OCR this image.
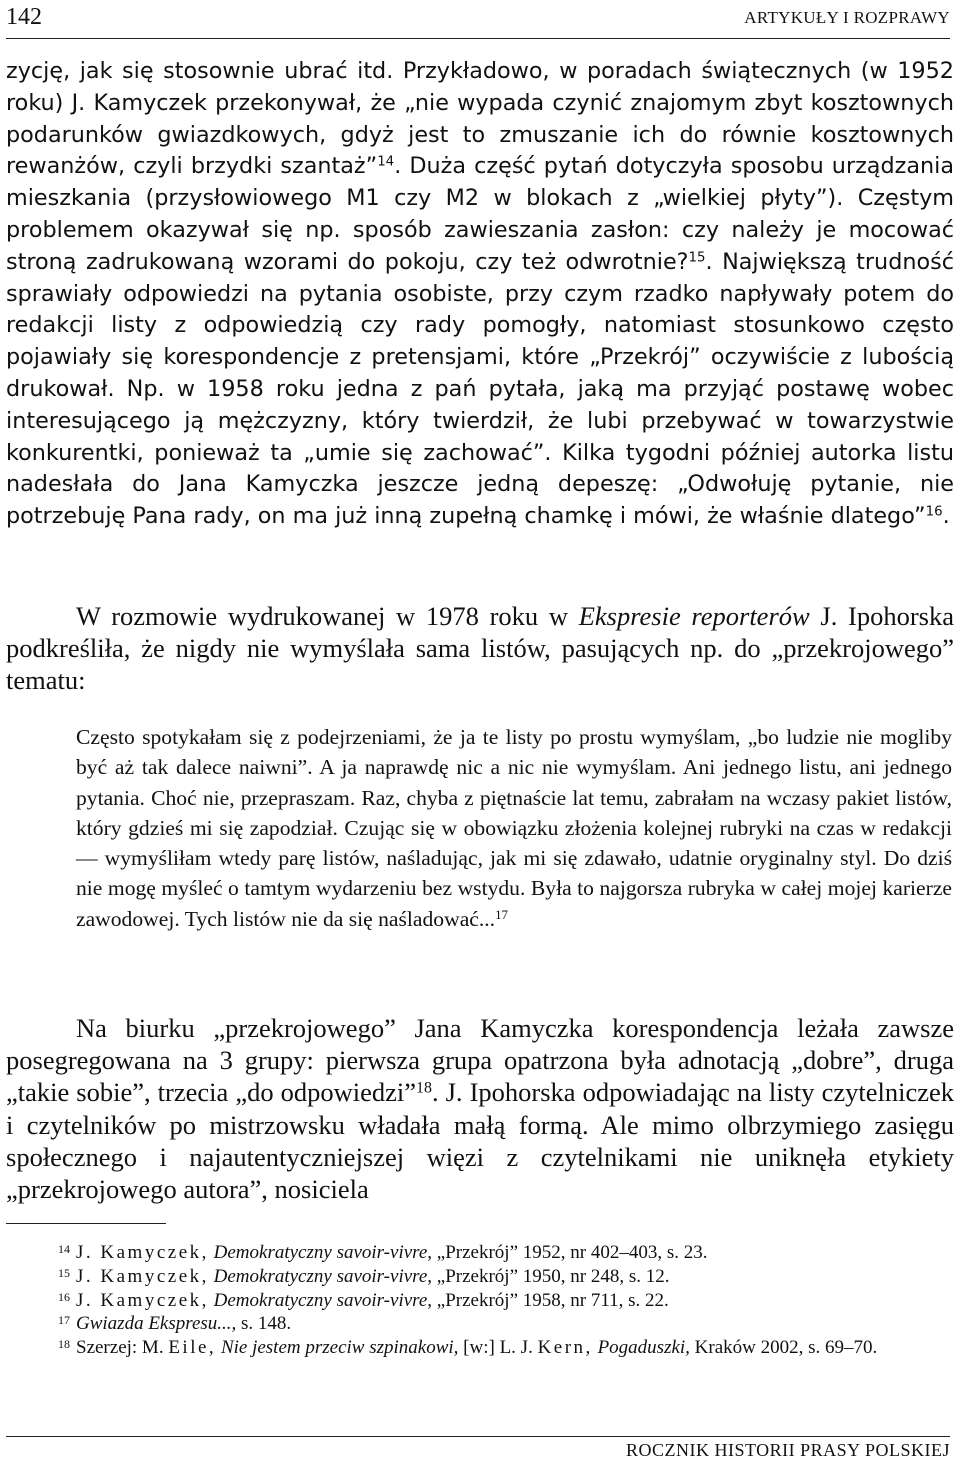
142	ARTYKUŁY I ROZPRAWY

zycję, jak się stosownie ubrać itd. Przykładowo, w poradach świątecznych (w 1952 roku) J. Kamyczek przekonywał, że „nie wypada czynić znajomym zbyt kosztownych podarunków gwiazdkowych, gdyż jest to zmuszanie ich do równie kosztownych rewanżów, czyli brzydki szantaż”$^{14}$. Duża część pytań dotyczyła sposobu urządzania mieszkania (przysłowiowego M1 czy M2 w blokach z „wielkiej płyty”). Częstym problemem okazywał się np. sposób zawieszania zasłon: czy należy je mocować stroną zadrukowaną wzorami do pokoju, czy też odwrotnie?$^{15}$. Największą trudność sprawiały odpowiedzi na pytania osobiste, przy czym rzadko napływały potem do redakcji listy z odpowiedzią czy rady pomogły, natomiast stosunkowo często pojawiały się korespondencje z pretensjami, które „Przekrój” oczywiście z lubością drukował. Np. w 1958 roku jedna z pań pytała, jaką ma przyjąć postawę wobec interesującego ją mężczyzny, który twierdził, że lubi przebywać w towarzystwie konkurentki, ponieważ ta „umie się zachować”. Kilka tygodni później autorka listu nadesłała do Jana Kamyczka jeszcze jedną depeszę: „Odwołuję pytanie, nie potrzebuję Pana rady, on ma już inną zupełną chamkę i mówi, że właśnie dlatego”$^{16}$.

W rozmowie wydrukowanej w 1978 roku w Ekspresie reporterów J. Ipohorska podkreśliła, że nigdy nie wymyślała sama listów, pasujących np. do „przekrojowego” tematu:

Często spotykałam się z podejrzeniami, że ja te listy po prostu wymyślam, „bo ludzie nie mogliby być aż tak dalece naiwni”. A ja naprawdę nic a nic nie wymyślam. Ani jednego listu, ani jednego pytania. Choć nie, przepraszam. Raz, chyba z piętnaście lat temu, zabrałam na wczasy pakiet listów, który gdzieś mi się zapodział. Czując się w obowiązku złożenia kolejnej rubryki na czas w redakcji — wymyśliłam wtedy parę listów, naśladując, jak mi się zdawało, udatnie oryginalny styl. Do dziś nie mogę myśleć o tamtym wydarzeniu bez wstydu. Była to najgorsza rubryka w całej mojej karierze zawodowej. Tych listów nie da się naśladować...$^{17}$

Na biurku „przekrojowego” Jana Kamyczka korespondencja leżała zawsze posegregowana na 3 grupy: pierwsza grupa opatrzona była adnotacją „dobre”, druga „takie sobie”, trzecia „do odpowiedzi”$^{18}$. J. Ipohorska odpowiadając na listy czytelniczek i czytelników po mistrzowsku władała małą formą. Ale mimo olbrzymiego zasięgu społecznego i najautentyczniejszej więzi z czytelnikami nie uniknęła etykiety „przekrojowego autora”, nosiciela

14 J. Kamyczek, Demokratyczny savoir-vivre, „Przekrój” 1952, nr 402–403, s. 23.

15 J. Kamyczek, Demokratyczny savoir-vivre, „Przekrój” 1950, nr 248, s. 12.

16 J. Kamyczek, Demokratyczny savoir-vivre, „Przekrój” 1958, nr 711, s. 22.

17 Gwiazda Ekspresu..., s. 148.

18 Szerzej: M. Eile, Nie jestem przeciw szpinakowi, [w:] L. J. Kern, Pogaduszki, Kraków 2002, s. 69–70.

ROCZNIK HISTORII PRASY POLSKIEJ
